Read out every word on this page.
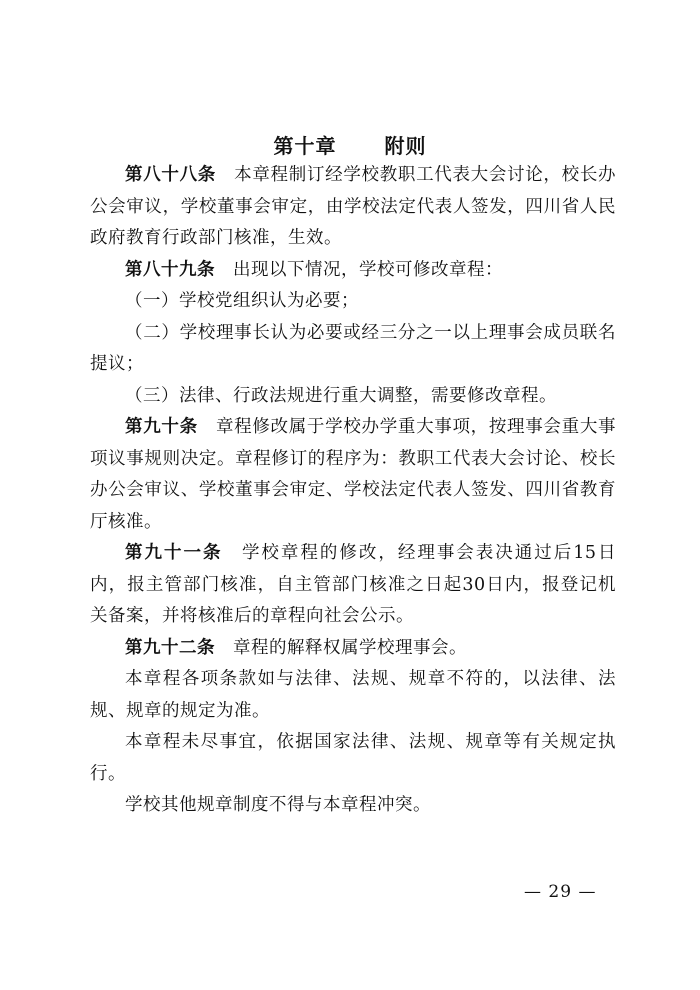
第十章 附则

第八十八条 本章程制订经学校教职工代表大会讨论，校长办公会审议，学校董事会审定，由学校法定代表人签发，四川省人民政府教育行政部门核准，生效。

第八十九条 出现以下情况，学校可修改章程：

（一）学校党组织认为必要；

（二）学校理事长认为必要或经三分之一以上理事会成员联名提议；

（三）法律、行政法规进行重大调整，需要修改章程。

第九十条 章程修改属于学校办学重大事项，按理事会重大事项议事规则决定。章程修订的程序为：教职工代表大会讨论、校长办公会审议、学校董事会审定、学校法定代表人签发、四川省教育厅核准。

第九十一条 学校章程的修改，经理事会表决通过后15日内，报主管部门核准，自主管部门核准之日起30日内，报登记机关备案，并将核准后的章程向社会公示。

第九十二条 章程的解释权属学校理事会。

本章程各项条款如与法律、法规、规章不符的，以法律、法规、规章的规定为准。

本章程未尽事宜，依据国家法律、法规、规章等有关规定执行。

学校其他规章制度不得与本章程冲突。

— 29 —
